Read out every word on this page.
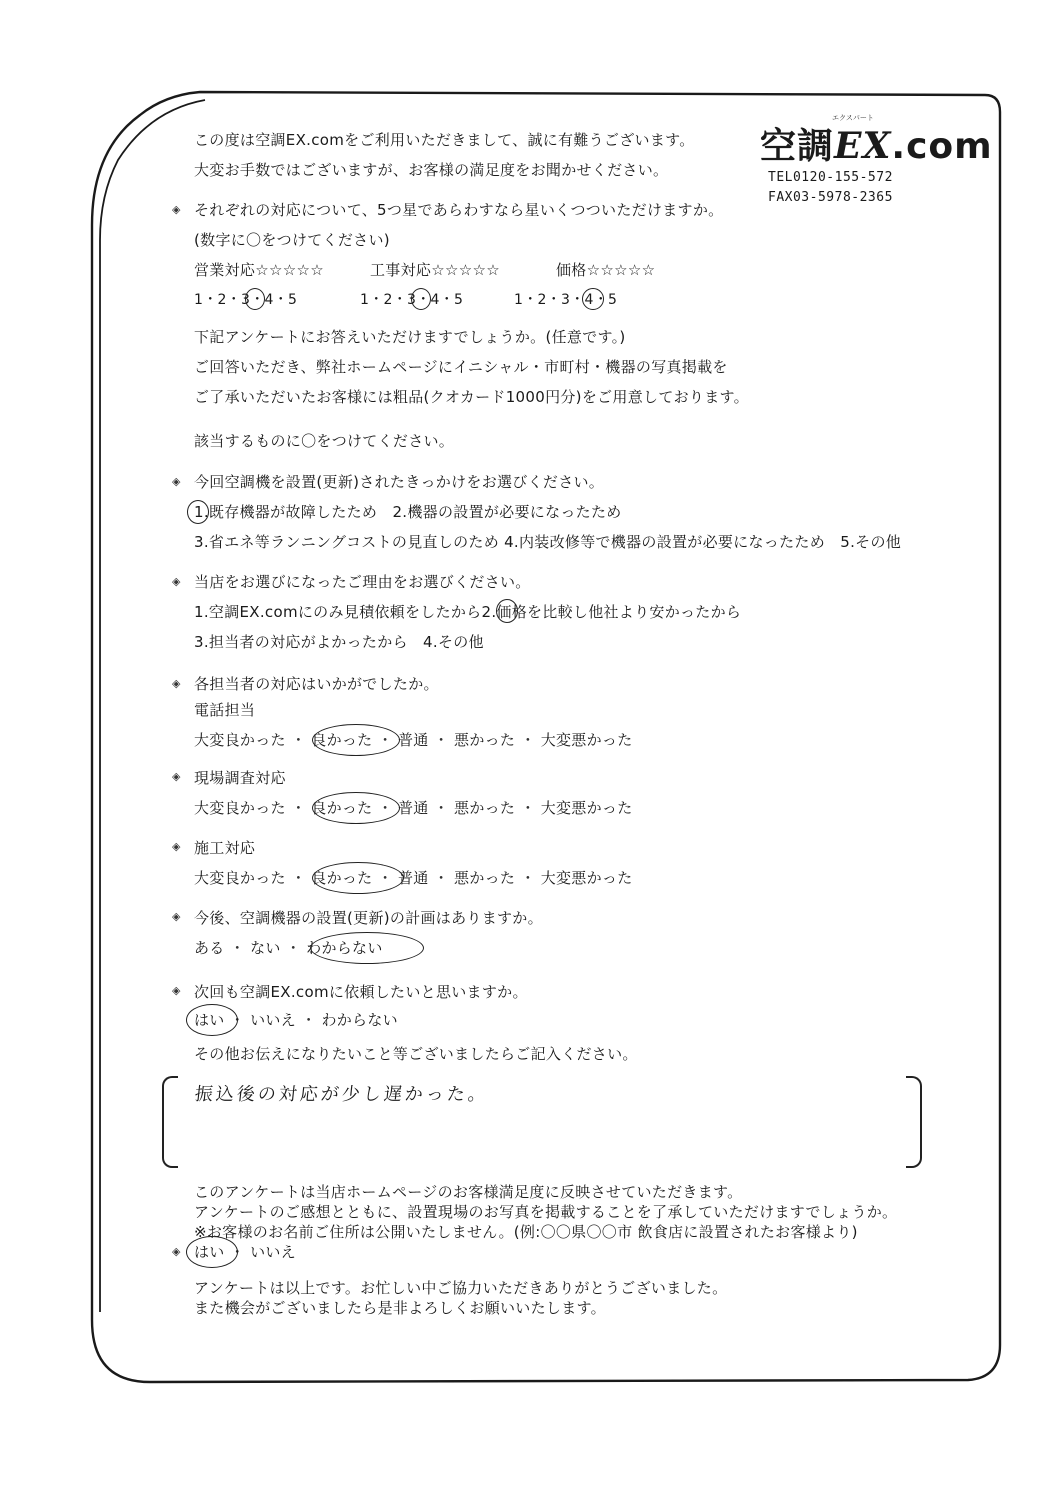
この度は空調EX.comをご利用いただきまして、誠に有難うございます。
大変お手数ではございますが、お客様の満足度をお聞かせください。
エクスパート
空調EX.com
TEL0120-155-572
FAX03-5978-2365
◈ それぞれの対応について、5つ星であらわすなら星いくつついただけますか。
(数字に〇をつけてください)
営業対応☆☆☆☆☆	工事対応☆☆☆☆☆	価格☆☆☆☆☆
1・2・3・4・5	1・2・3・4・5	1・2・3・4・5
下記アンケートにお答えいただけますでしょうか。(任意です。)
ご回答いただき、弊社ホームページにイニシャル・市町村・機器の写真掲載を
ご了承いただいたお客様には粗品(クオカード1000円分)をご用意しております。
該当するものに〇をつけてください。
◈ 今回空調機を設置(更新)されたきっかけをお選びください。
1.既存機器が故障したため 2.機器の設置が必要になったため
3.省エネ等ランニングコストの見直しのため 4.内装改修等で機器の設置が必要になったため 5.その他
◈ 当店をお選びになったご理由をお選びください。
1.空調EX.comにのみ見積依頼をしたから2.価格を比較し他社より安かったから
3.担当者の対応がよかったから 4.その他
◈ 各担当者の対応はいかがでしたか。
電話担当
大変良かった ・ 良かった ・ 普通 ・ 悪かった ・ 大変悪かった
◈ 現場調査対応
大変良かった ・ 良かった ・ 普通 ・ 悪かった ・ 大変悪かった
◈ 施工対応
大変良かった ・ 良かった ・ 普通 ・ 悪かった ・ 大変悪かった
◈ 今後、空調機器の設置(更新)の計画はありますか。
ある ・ ない ・ わからない
◈ 次回も空調EX.comに依頼したいと思いますか。
はい ・ いいえ ・ わからない
その他お伝えになりたいこと等ございましたらご記入ください。
振込後の対応が少し遅かった。
このアンケートは当店ホームページのお客様満足度に反映させていただきます。
アンケートのご感想とともに、設置現場のお写真を掲載することを了承していただけますでしょうか。
※お客様のお名前ご住所は公開いたしません。(例:〇〇県〇〇市 飲食店に設置されたお客様より)
◈ はい ・ いいえ
アンケートは以上です。お忙しい中ご協力いただきありがとうございました。
また機会がございましたら是非よろしくお願いいたします。
